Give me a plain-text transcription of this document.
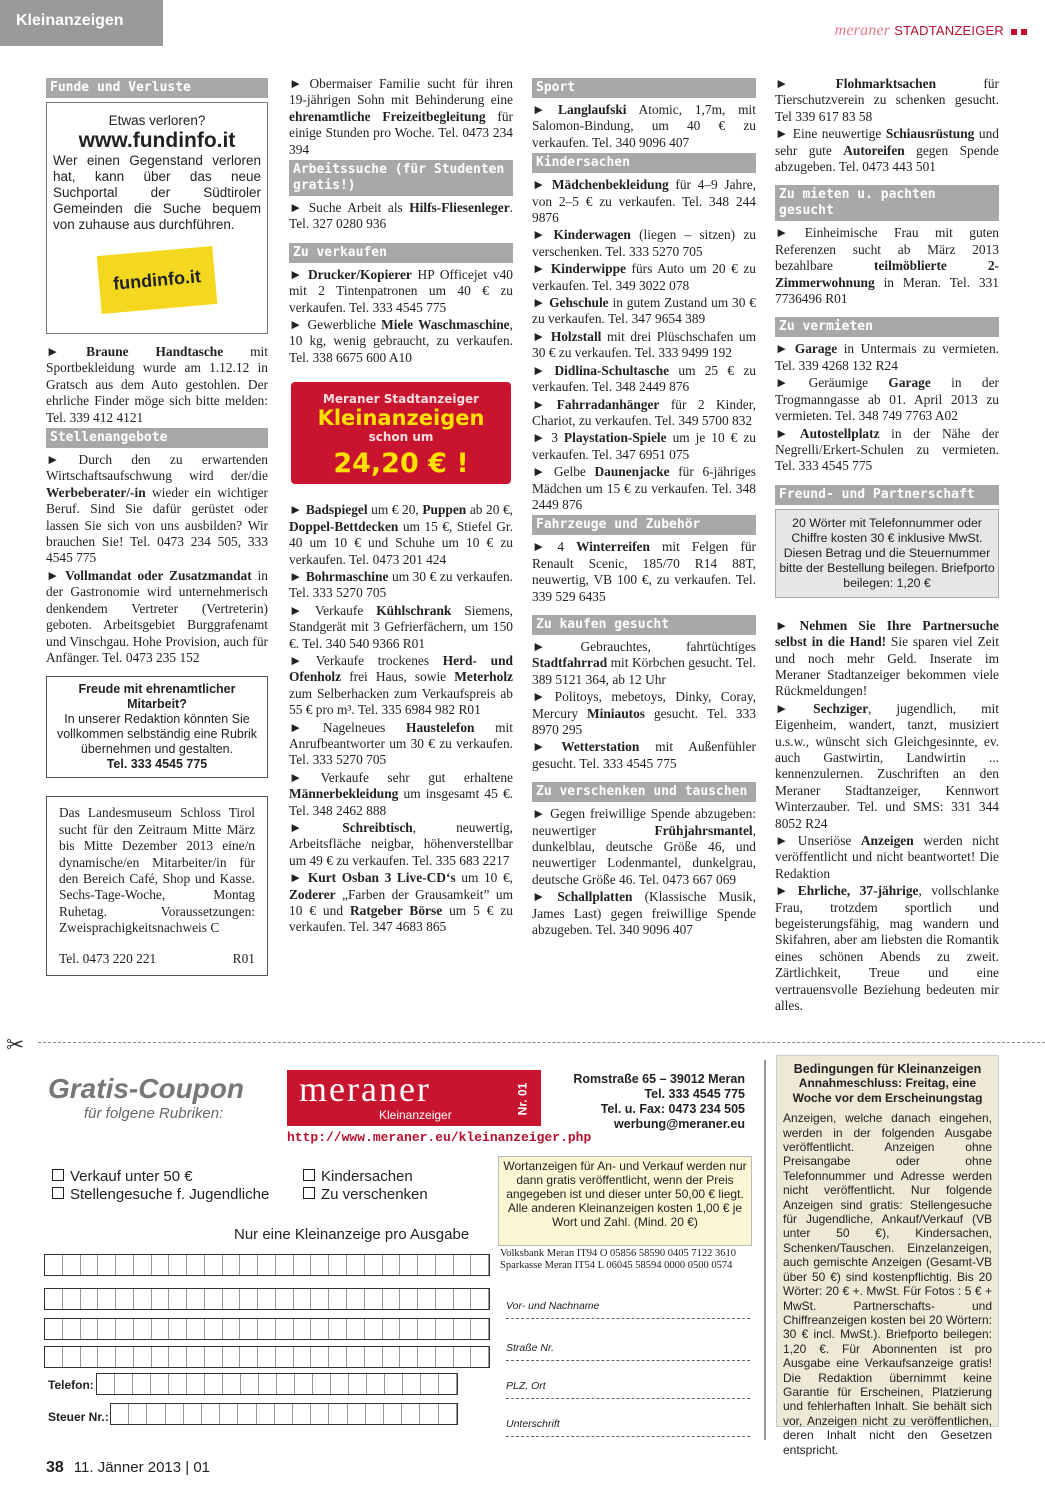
Kleinanzeigen
meraner STADTANZEIGER
Funde und Verluste
Etwas verloren?
www.fundinfo.it
Wer einen Gegenstand verloren hat, kann über das neue Suchportal der Südtiroler Gemeinden die Suche bequem von zuhause aus durchführen.
fundinfo.it
► Braune Handtasche mit Sportbekleidung wurde am 1.12.12 in Gratsch aus dem Auto gestohlen. Der ehrliche Finder möge sich bitte melden: Tel. 339 412 4121
Stellenangebote
► Durch den zu erwartenden Wirtschaftsaufschwung wird der/die Werbeberater/-in wieder ein wichtiger Beruf. Sind Sie dafür gerüstet oder lassen Sie sich von uns ausbilden? Wir brauchen Sie! Tel. 0473 234 505, 333 4545 775
► Vollmandat oder Zusatzmandat in der Gastronomie wird unternehmerisch denkendem Vertreter (Vertreterin) geboten. Arbeitsgebiet Burggrafenamt und Vinschgau. Hohe Provision, auch für Anfänger. Tel. 0473 235 152
Freude mit ehrenamtlicher Mitarbeit?
In unserer Redaktion könnten Sie vollkommen selbständig eine Rubrik übernehmen und gestalten.
Tel. 333 4545 775
Das Landesmuseum Schloss Tirol sucht für den Zeitraum Mitte März bis Mitte Dezember 2013 eine/n dynamische/en Mitarbeiter/in für den Bereich Café, Shop und Kasse. Sechs-Tage-Woche, Montag Ruhetag. Voraussetzungen: Zweisprachigkeitsnachweis C
Tel. 0473 220 221	R01
► Obermaiser Familie sucht für ihren 19-jährigen Sohn mit Behinderung eine ehrenamtliche Freizeitbegleitung für einige Stunden pro Woche. Tel. 0473 234 394
Arbeitssuche (für Studenten gratis!)
► Suche Arbeit als Hilfs-Fliesenleger. Tel. 327 0280 936
Zu verkaufen
► Drucker/Kopierer HP Officejet v40 mit 2 Tintenpatronen um 40 € zu verkaufen. Tel. 333 4545 775
► Gewerbliche Miele Waschmaschine, 10 kg, wenig gebraucht, zu verkaufen. Tel. 338 6675 600 A10
Meraner Stadtanzeiger
Kleinanzeigen
schon um
24,20 € !
► Badspiegel um € 20, Puppen ab 20 €, Doppel-Bettdecken um 15 €, Stiefel Gr. 40 um 10 € und Schuhe um 10 € zu verkaufen. Tel. 0473 201 424
► Bohrmaschine um 30 € zu verkaufen. Tel. 333 5270 705
► Verkaufe Kühlschrank Siemens, Standgerät mit 3 Gefrierfächern, um 150 €. Tel. 340 540 9366 R01
► Verkaufe trockenes Herd- und Ofenholz frei Haus, sowie Meterholz zum Selberhacken zum Verkaufspreis ab 55 € pro m³. Tel. 335 6984 982 R01
► Nagelneues Haustelefon mit Anrufbeantworter um 30 € zu verkaufen. Tel. 333 5270 705
► Verkaufe sehr gut erhaltene Männerbekleidung um insgesamt 45 €. Tel. 348 2462 888
► Schreibtisch, neuwertig, Arbeitsfläche neigbar, höhenverstellbar um 49 € zu verkaufen. Tel. 335 683 2217
► Kurt Osban 3 Live-CD‘s um 10 €, Zoderer „Farben der Grausamkeit” um 10 € und Ratgeber Börse um 5 € zu verkaufen. Tel. 347 4683 865
Sport
► Langlaufski Atomic, 1,7m, mit Salomon-Bindung, um 40 € zu verkaufen. Tel. 340 9096 407
Kindersachen
► Mädchenbekleidung für 4–9 Jahre, von 2–5 € zu verkaufen. Tel. 348 244 9876
► Kinderwagen (liegen – sitzen) zu verschenken. Tel. 333 5270 705
► Kinderwippe fürs Auto um 20 € zu verkaufen. Tel. 349 3022 078
► Gehschule in gutem Zustand um 30 € zu verkaufen. Tel. 347 9654 389
► Holzstall mit drei Plüschschafen um 30 € zu verkaufen. Tel. 333 9499 192
► Didlina-Schultasche um 25 € zu verkaufen. Tel. 348 2449 876
► Fahrradanhänger für 2 Kinder, Chariot, zu verkaufen. Tel. 349 5700 832
► 3 Playstation-Spiele um je 10 € zu verkaufen. Tel. 347 6951 075
► Gelbe Daunenjacke für 6-jähriges Mädchen um 15 € zu verkaufen. Tel. 348 2449 876
Fahrzeuge und Zubehör
► 4 Winterreifen mit Felgen für Renault Scenic, 185/70 R14 88T, neuwertig, VB 100 €, zu verkaufen. Tel. 339 529 6435
Zu kaufen gesucht
► Gebrauchtes, fahrtüchtiges Stadtfahrrad mit Körbchen gesucht. Tel. 389 5121 364, ab 12 Uhr
► Politoys, mebetoys, Dinky, Coray, Mercury Miniautos gesucht. Tel. 333 8970 295
► Wetterstation mit Außenfühler gesucht. Tel. 333 4545 775
Zu verschenken und tauschen
► Gegen freiwillige Spende abzugeben: neuwertiger Frühjahrsmantel, dunkelblau, deutsche Größe 46, und neuwertiger Lodenmantel, dunkelgrau, deutsche Größe 46. Tel. 0473 667 069
► Schallplatten (Klassische Musik, James Last) gegen freiwillige Spende abzugeben. Tel. 340 9096 407
► Flohmarktsachen für Tierschutzverein zu schenken gesucht. Tel 339 617 83 58
► Eine neuwertige Schiausrüstung und sehr gute Autoreifen gegen Spende abzugeben. Tel. 0473 443 501
Zu mieten u. pachten gesucht
► Einheimische Frau mit guten Referenzen sucht ab März 2013 bezahlbare teilmöblierte 2-Zimmerwohnung in Meran. Tel. 331 7736496 R01
Zu vermieten
► Garage in Untermais zu vermieten. Tel. 339 4268 132 R24
► Geräumige Garage in der Trogmanngasse ab 01. April 2013 zu vermieten. Tel. 348 749 7763 A02
► Autostellplatz in der Nähe der Negrelli/Erkert-Schulen zu vermieten. Tel. 333 4545 775
Freund- und Partnerschaft
20 Wörter mit Telefonnummer oder Chiffre kosten 30 € inklusive MwSt. Diesen Betrag und die Steuernummer bitte der Bestellung beilegen. Briefporto beilegen: 1,20 €
► Nehmen Sie Ihre Partnersuche selbst in die Hand! Sie sparen viel Zeit und noch mehr Geld. Inserate im Meraner Stadtanzeiger bekommen viele Rückmeldungen!
► Sechziger, jugendlich, mit Eigenheim, wandert, tanzt, musiziert u.s.w., wünscht sich Gleichgesinnte, ev. auch Gastwirtin, Landwirtin ... kennenzulernen. Zuschriften an den Meraner Stadtanzeiger, Kennwort Winterzauber. Tel. und SMS: 331 344 8052 R24
► Unseriöse Anzeigen werden nicht veröffentlicht und nicht beantwortet! Die Redaktion
► Ehrliche, 37-jährige, vollschlanke Frau, trotzdem sportlich und begeisterungsfähig, mag wandern und Skifahren, aber am liebsten die Romantik eines schönen Abends zu zweit. Zärtlichkeit, Treue und eine vertrauensvolle Beziehung bedeuten mir alles.
✂
Gratis-Coupon
für folgene Rubriken:
meraner
Kleinanzeiger	Nr. 01
http://www.meraner.eu/kleinanzeiger.php
Romstraße 65 – 39012 Meran
Tel. 333 4545 775
Tel. u. Fax: 0473 234 505
werbung@meraner.eu
Verkauf unter 50 €
Stellengesuche f. Jugendliche
Kindersachen
Zu verschenken
Nur eine Kleinanzeige pro Ausgabe
Telefon:
Steuer Nr.:
Wortanzeigen für An- und Verkauf werden nur dann gratis veröffentlicht, wenn der Preis angegeben ist und dieser unter 50,00 € liegt. Alle anderen Kleinanzeigen kosten 1,00 € je Wort und Zahl. (Mind. 20 €)
Volksbank Meran IT94 O 05856 58590 0405 7122 3610
Sparkasse Meran IT54 L 06045 58594 0000 0500 0574
Vor- und Nachname
Straße Nr.
PLZ, Ort
Unterschrift
Bedingungen für Kleinanzeigen
Annahmeschluss: Freitag, eine Woche vor dem Erscheinungstag
Anzeigen, welche danach eingehen, werden in der folgenden Ausgabe veröffentlicht. Anzeigen ohne Preisangabe oder ohne Telefonnummer und Adresse werden nicht veröffentlicht. Nur folgende Anzeigen sind gratis: Stellengesuche für Jugendliche, Ankauf/Verkauf (VB unter 50 €), Kindersachen, Schenken/Tauschen. Einzelanzeigen, auch gemischte Anzeigen (Gesamt-VB über 50 €) sind kostenpflichtig. Bis 20 Wörter: 20 € +. MwSt. Für Fotos : 5 € + MwSt. Partnerschafts- und Chiffreanzeigen kosten bei 20 Wörtern: 30 € incl. MwSt.). Briefporto beilegen: 1,20 €. Für Abonnenten ist pro Ausgabe eine Verkaufsanzeige gratis! Die Redaktion übernimmt keine Garantie für Erscheinen, Platzierung und fehlerhaften Inhalt. Sie behält sich vor, Anzeigen nicht zu veröffentlichen, deren Inhalt nicht den Gesetzen entspricht.
38 11. Jänner 2013 | 01
